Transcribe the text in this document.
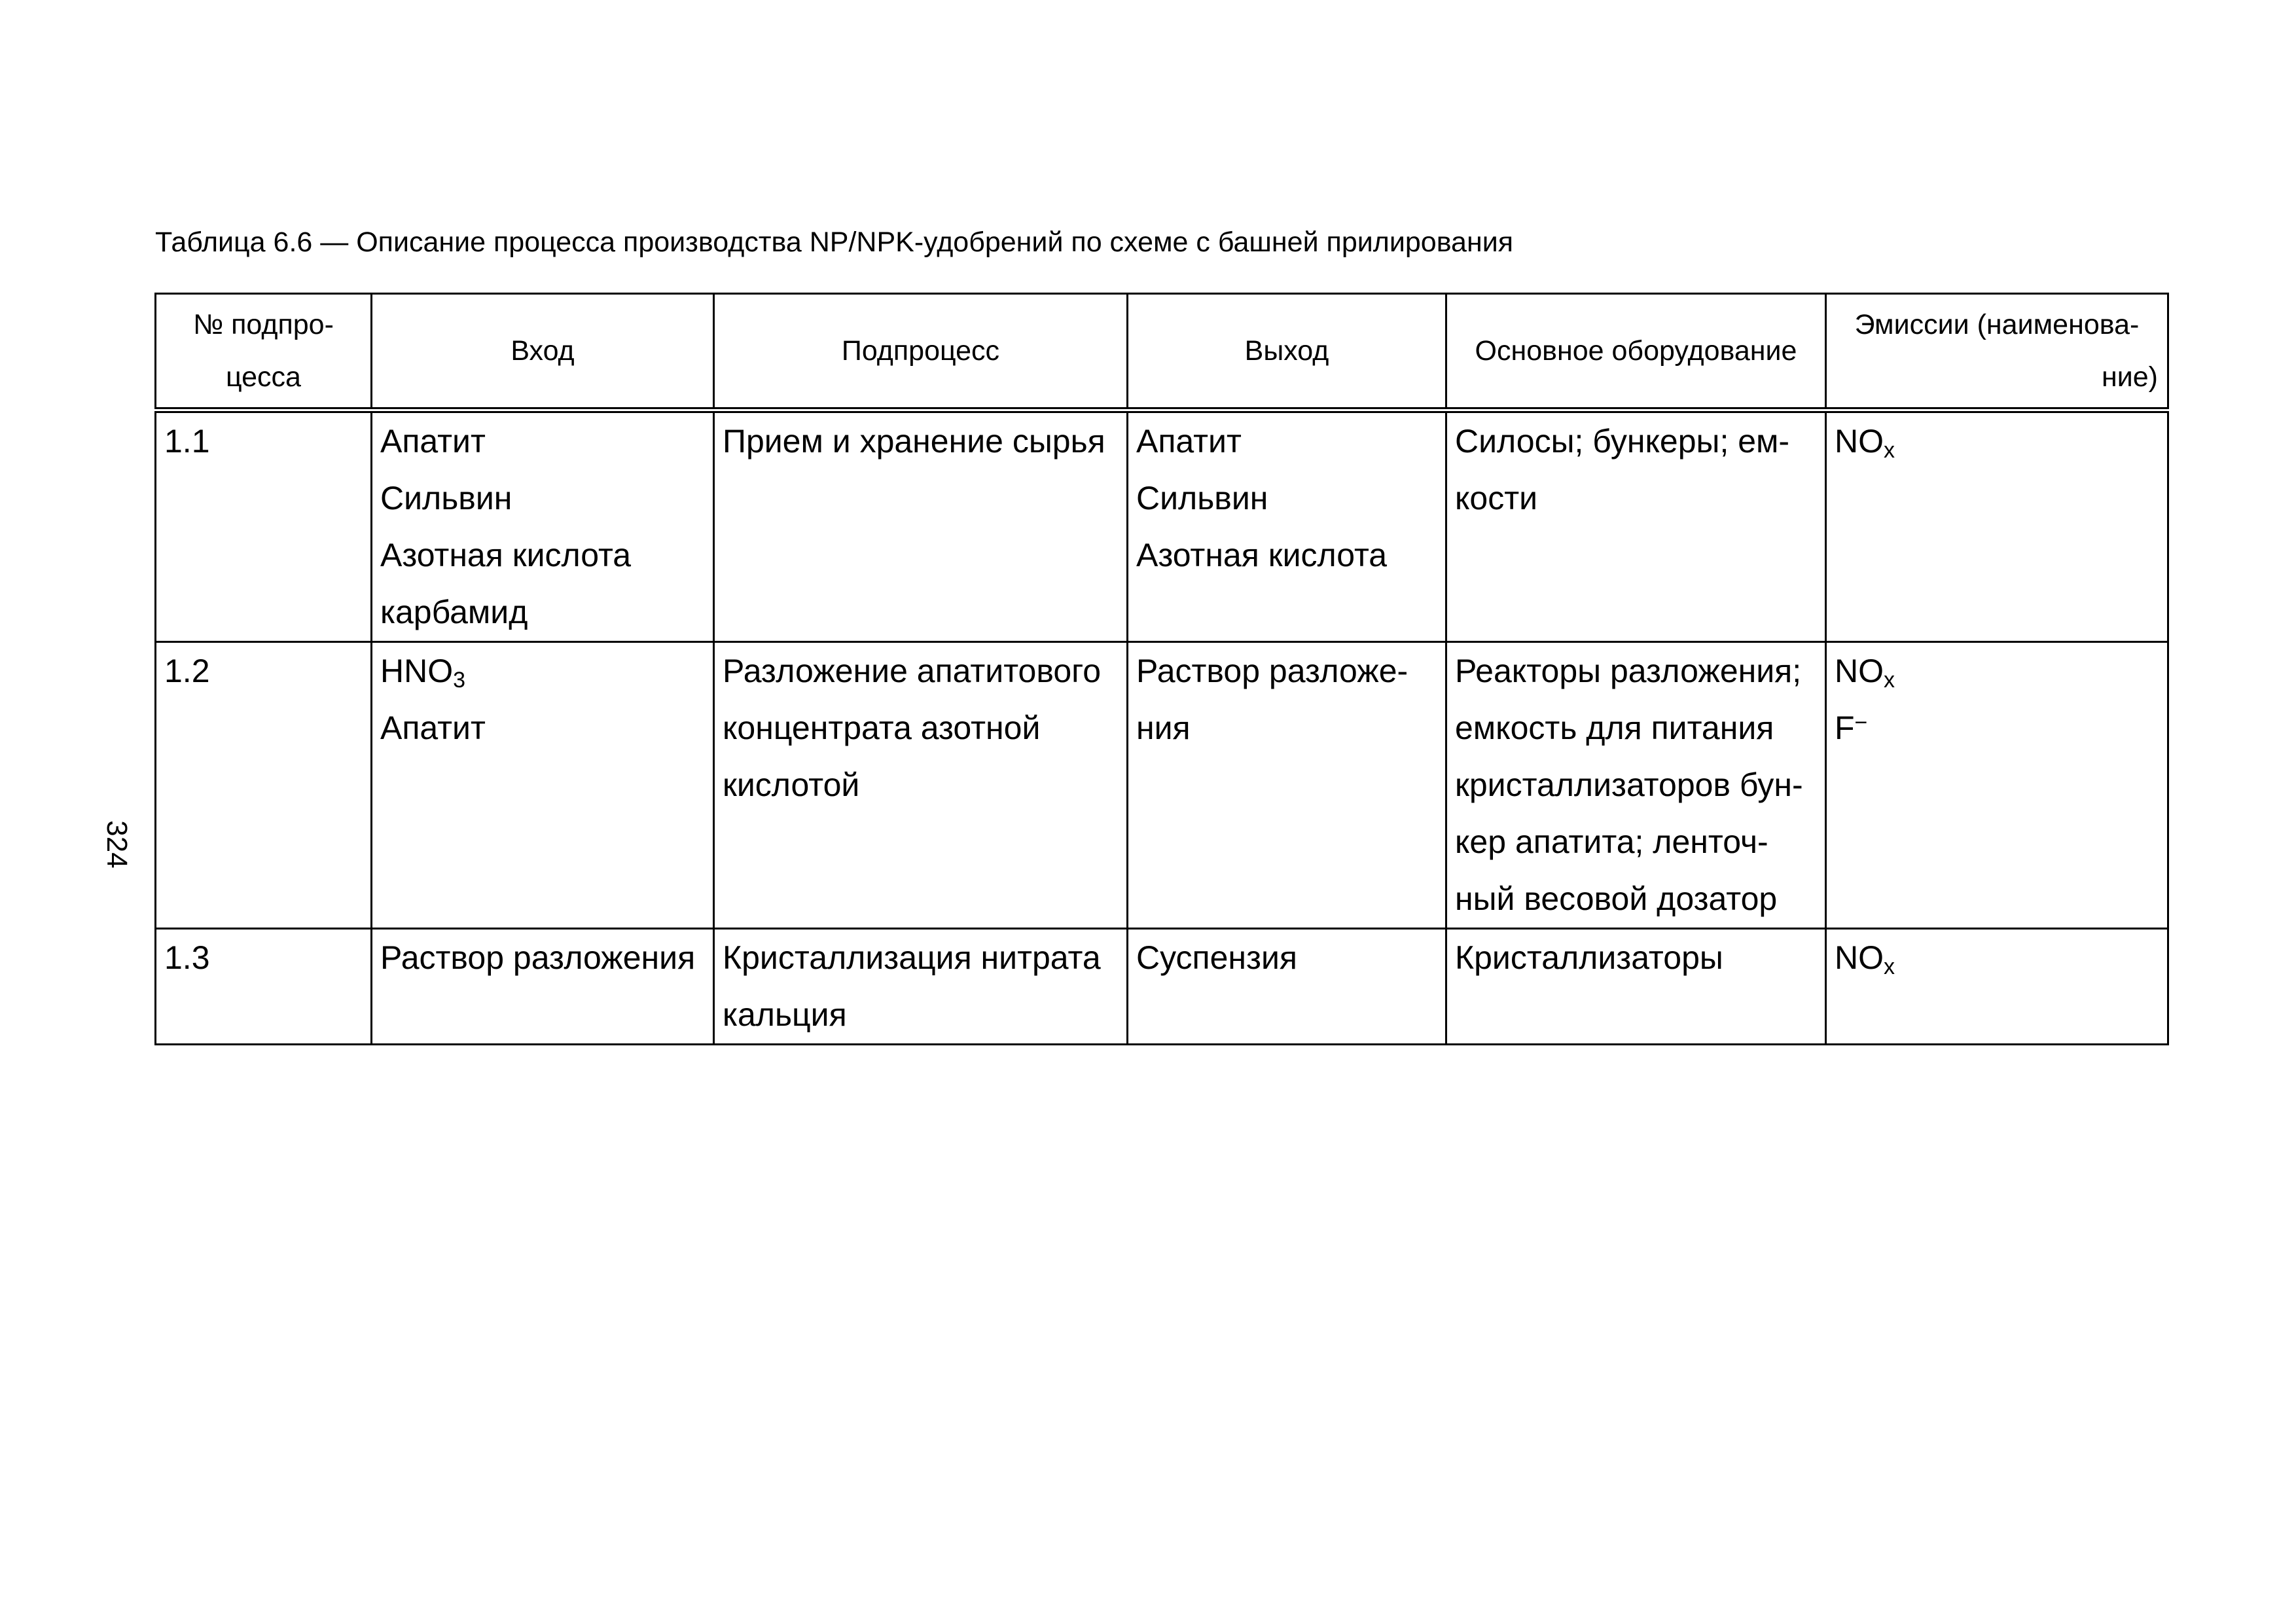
324
Таблица 6.6 — Описание процесса производства NP/NPK-удобрений по схеме с башней прилирования
№ подпро-
цесса	Вход	Подпроцесс	Выход	Основное оборудование	Эмиссии (наименова-
ние)

1.1	Апатит
Сильвин
Азотная кислота
карбамид	Прием и хранение сырья	Апатит
Сильвин
Азотная кислота	Силосы; бункеры; ем-
кости	$NO_x$

1.2	$HNO_3$
Апатит	Разложение апатитового
концентрата азотной
кислотой	Раствор разложе-
ния	Реакторы разложения;
емкость для питания
кристаллизаторов бун-
кер апатита; ленточ-
ный весовой дозатор	$NO_x$
F−

1.3	Раствор разложения	Кристаллизация нитрата
кальция	Суспензия	Кристаллизаторы	$NO_x$
